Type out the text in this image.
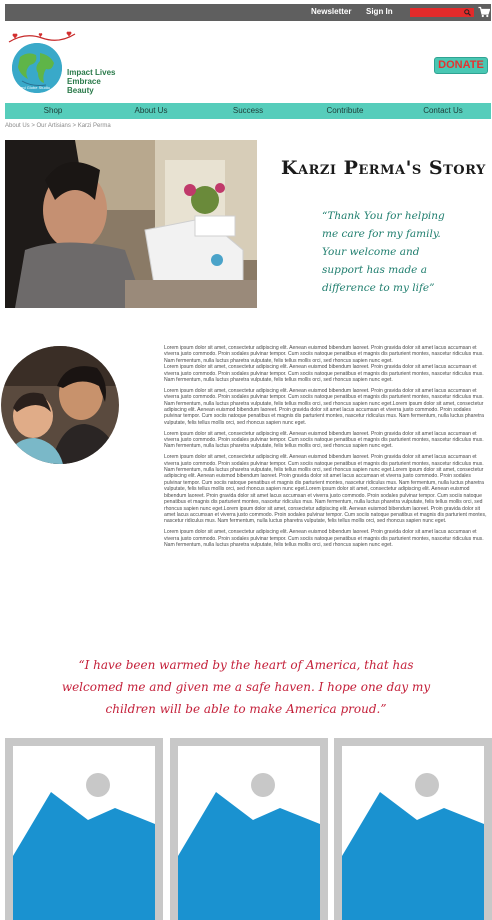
Newsletter Sign In
Mani Globe Studio
Impact Lives
Embrace Beauty
DONATE
Shop	About Us	Success	Contribute	Contact Us
About Us > Our Artisians > Karzi Perma
Karzi Perma's Story
“Thank You for helping me care for my family. Your welcome and support has made a difference to my life”

Lorem ipsum dolor sit amet, consectetur adipiscing elit. Aenean euismod bibendum laoreet. Proin gravida dolor sit amet lacus accumsan et viverra justo commodo. Proin sodales pulvinar tempor. Cum sociis natoque penatibus et magnis dis parturient montes, nascetur ridiculus mus. Nam fermentum, nulla luctus pharetra vulputate, felis tellus mollis orci, sed rhoncus sapien nunc eget.
Lorem ipsum dolor sit amet, consectetur adipiscing elit. Aenean euismod bibendum laoreet. Proin gravida dolor sit amet lacus accumsan et viverra justo commodo. Proin sodales pulvinar tempor. Cum sociis natoque penatibus et magnis dis parturient montes, nascetur ridiculus mus. Nam fermentum, nulla luctus pharetra vulputate, felis tellus mollis orci, sed rhoncus sapien nunc eget.

Lorem ipsum dolor sit amet, consectetur adipiscing elit. Aenean euismod bibendum laoreet. Proin gravida dolor sit amet lacus accumsan et viverra justo commodo. Proin sodales pulvinar tempor. Cum sociis natoque penatibus et magnis dis parturient montes, nascetur ridiculus mus. Nam fermentum, nulla luctus pharetra vulputate, felis tellus mollis orci, sed rhoncus sapien nunc eget.Lorem ipsum dolor sit amet, consectetur adipiscing elit. Aenean euismod bibendum laoreet. Proin gravida dolor sit amet lacus accumsan et viverra justo commodo. Proin sodales pulvinar tempor. Cum sociis natoque penatibus et magnis dis parturient montes, nascetur ridiculus mus. Nam fermentum, nulla luctus pharetra vulputate, felis tellus mollis orci, sed rhoncus sapien nunc eget.

Lorem ipsum dolor sit amet, consectetur adipiscing elit. Aenean euismod bibendum laoreet. Proin gravida dolor sit amet lacus accumsan et viverra justo commodo. Proin sodales pulvinar tempor. Cum sociis natoque penatibus et magnis dis parturient montes, nascetur ridiculus mus. Nam fermentum, nulla luctus pharetra vulputate, felis tellus mollis orci, sed rhoncus sapien nunc eget.

Lorem ipsum dolor sit amet, consectetur adipiscing elit. Aenean euismod bibendum laoreet. Proin gravida dolor sit amet lacus accumsan et viverra justo commodo. Proin sodales pulvinar tempor. Cum sociis natoque penatibus et magnis dis parturient montes, nascetur ridiculus mus. Nam fermentum, nulla luctus pharetra vulputate, felis tellus mollis orci, sed rhoncus sapien nunc eget.Lorem ipsum dolor sit amet, consectetur adipiscing elit. Aenean euismod bibendum laoreet. Proin gravida dolor sit amet lacus accumsan et viverra justo commodo. Proin sodales pulvinar tempor. Cum sociis natoque penatibus et magnis dis parturient montes, nascetur ridiculus mus. Nam fermentum, nulla luctus pharetra vulputate, felis tellus mollis orci, sed rhoncus sapien nunc eget.Lorem ipsum dolor sit amet, consectetur adipiscing elit. Aenean euismod bibendum laoreet. Proin gravida dolor sit amet lacus accumsan et viverra justo commodo. Proin sodales pulvinar tempor. Cum sociis natoque penatibus et magnis dis parturient montes, nascetur ridiculus mus. Nam fermentum, nulla luctus pharetra vulputate, felis tellus mollis orci, sed rhoncus sapien nunc eget.Lorem ipsum dolor sit amet, consectetur adipiscing elit. Aenean euismod bibendum laoreet. Proin gravida dolor sit amet lacus accumsan et viverra justo commodo. Proin sodales pulvinar tempor. Cum sociis natoque penatibus et magnis dis parturient montes, nascetur ridiculus mus. Nam fermentum, nulla luctus pharetra vulputate, felis tellus mollis orci, sed rhoncus sapien nunc eget.

Lorem ipsum dolor sit amet, consectetur adipiscing elit. Aenean euismod bibendum laoreet. Proin gravida dolor sit amet lacus accumsan et viverra justo commodo. Proin sodales pulvinar tempor. Cum sociis natoque penatibus et magnis dis parturient montes, nascetur ridiculus mus. Nam fermentum, nulla luctus pharetra vulputate, felis tellus mollis orci, sed rhoncus sapien nunc eget.

“I have been warmed by the heart of America, that has welcomed me and given me a safe haven. I hope one day my children will be able to make America proud.”
